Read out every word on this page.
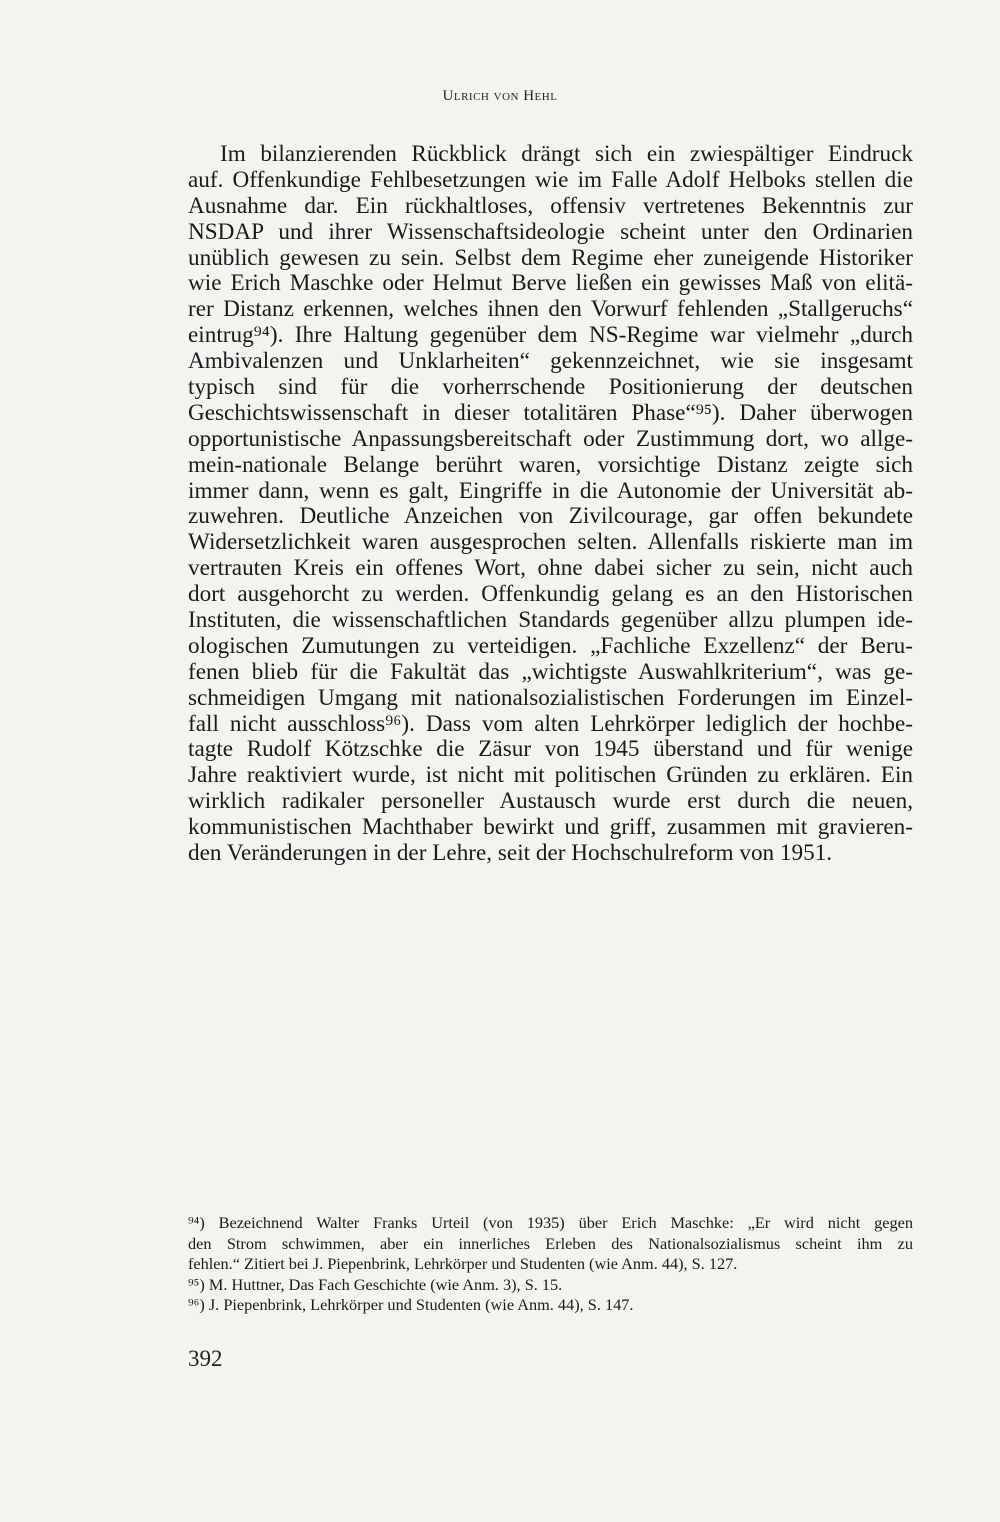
Ulrich von Hehl
Im bilanzierenden Rückblick drängt sich ein zwiespältiger Eindruck
auf. Offenkundige Fehlbesetzungen wie im Falle Adolf Helboks stellen die
Ausnahme dar. Ein rückhaltloses, offensiv vertretenes Bekenntnis zur
NSDAP und ihrer Wissenschaftsideologie scheint unter den Ordinarien
unüblich gewesen zu sein. Selbst dem Regime eher zuneigende Historiker
wie Erich Maschke oder Helmut Berve ließen ein gewisses Maß von elitä-
rer Distanz erkennen, welches ihnen den Vorwurf fehlenden „Stallgeruchs“
eintrug⁹⁴). Ihre Haltung gegenüber dem NS-Regime war vielmehr „durch
Ambivalenzen und Unklarheiten“ gekennzeichnet, wie sie insgesamt
typisch sind für die vorherrschende Positionierung der deutschen
Geschichtswissenschaft in dieser totalitären Phase“⁹⁵). Daher überwogen
opportunistische Anpassungsbereitschaft oder Zustimmung dort, wo allge-
mein-nationale Belange berührt waren, vorsichtige Distanz zeigte sich
immer dann, wenn es galt, Eingriffe in die Autonomie der Universität ab-
zuwehren. Deutliche Anzeichen von Zivilcourage, gar offen bekundete
Widersetzlichkeit waren ausgesprochen selten. Allenfalls riskierte man im
vertrauten Kreis ein offenes Wort, ohne dabei sicher zu sein, nicht auch
dort ausgehorcht zu werden. Offenkundig gelang es an den Historischen
Instituten, die wissenschaftlichen Standards gegenüber allzu plumpen ide-
ologischen Zumutungen zu verteidigen. „Fachliche Exzellenz“ der Beru-
fenen blieb für die Fakultät das „wichtigste Auswahlkriterium“, was ge-
schmeidigen Umgang mit nationalsozialistischen Forderungen im Einzel-
fall nicht ausschloss⁹⁶). Dass vom alten Lehrkörper lediglich der hochbe-
tagte Rudolf Kötzschke die Zäsur von 1945 überstand und für wenige
Jahre reaktiviert wurde, ist nicht mit politischen Gründen zu erklären. Ein
wirklich radikaler personeller Austausch wurde erst durch die neuen,
kommunistischen Machthaber bewirkt und griff, zusammen mit gravieren-
den Veränderungen in der Lehre, seit der Hochschulreform von 1951.
⁹⁴) Bezeichnend Walter Franks Urteil (von 1935) über Erich Maschke: „Er wird nicht gegen
den Strom schwimmen, aber ein innerliches Erleben des Nationalsozialismus scheint ihm zu
fehlen.“ Zitiert bei J. Piepenbrink, Lehrkörper und Studenten (wie Anm. 44), S. 127.
⁹⁵) M. Huttner, Das Fach Geschichte (wie Anm. 3), S. 15.
⁹⁶) J. Piepenbrink, Lehrkörper und Studenten (wie Anm. 44), S. 147.
392
